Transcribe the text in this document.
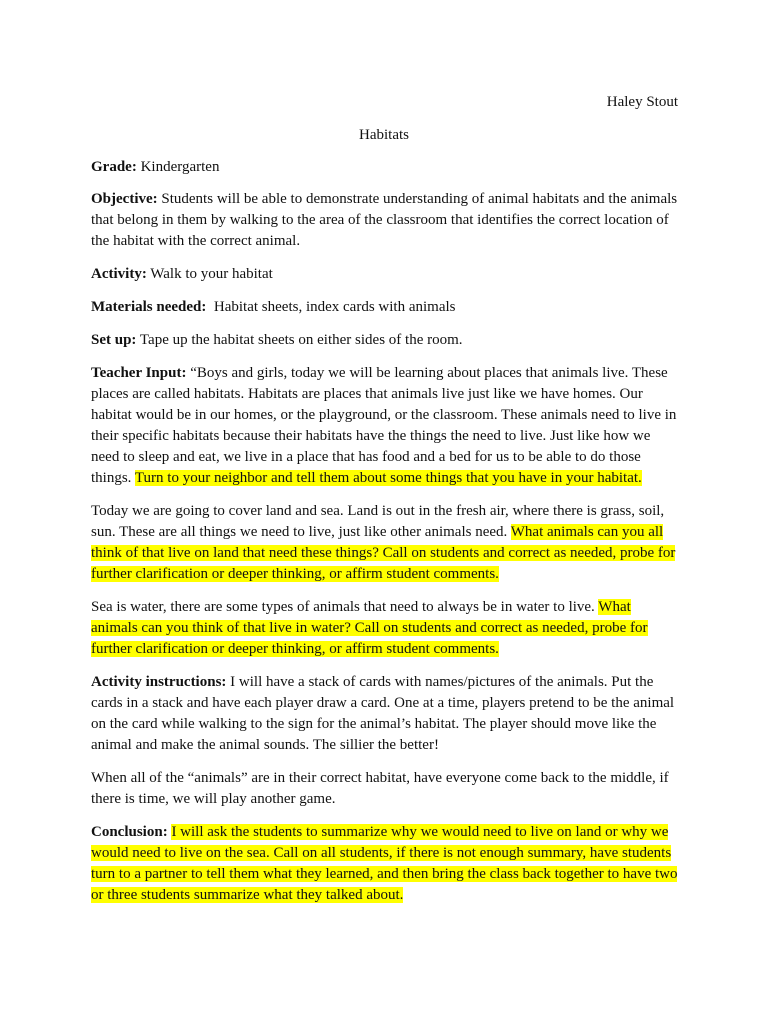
Haley Stout
Habitats

Grade: Kindergarten

Objective: Students will be able to demonstrate understanding of animal habitats and the animals that belong in them by walking to the area of the classroom that identifies the correct location of the habitat with the correct animal.

Activity: Walk to your habitat

Materials needed:  Habitat sheets, index cards with animals

Set up: Tape up the habitat sheets on either sides of the room.

Teacher Input: “Boys and girls, today we will be learning about places that animals live. These places are called habitats. Habitats are places that animals live just like we have homes. Our habitat would be in our homes, or the playground, or the classroom. These animals need to live in their specific habitats because their habitats have the things the need to live. Just like how we need to sleep and eat, we live in a place that has food and a bed for us to be able to do those things. Turn to your neighbor and tell them about some things that you have in your habitat.

Today we are going to cover land and sea. Land is out in the fresh air, where there is grass, soil, sun. These are all things we need to live, just like other animals need. What animals can you all think of that live on land that need these things? Call on students and correct as needed, probe for further clarification or deeper thinking, or affirm student comments.

Sea is water, there are some types of animals that need to always be in water to live. What animals can you think of that live in water? Call on students and correct as needed, probe for further clarification or deeper thinking, or affirm student comments.

Activity instructions: I will have a stack of cards with names/pictures of the animals. Put the cards in a stack and have each player draw a card. One at a time, players pretend to be the animal on the card while walking to the sign for the animal’s habitat. The player should move like the animal and make the animal sounds. The sillier the better!

When all of the “animals” are in their correct habitat, have everyone come back to the middle, if there is time, we will play another game.

Conclusion: I will ask the students to summarize why we would need to live on land or why we would need to live on the sea. Call on all students, if there is not enough summary, have students turn to a partner to tell them what they learned, and then bring the class back together to have two or three students summarize what they talked about.
